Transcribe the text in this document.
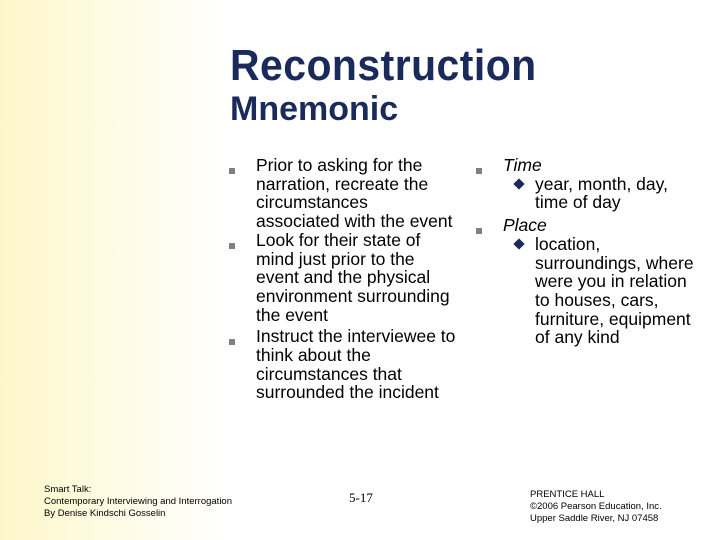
Reconstruction
Mnemonic
Prior to asking for the narration, recreate the circumstances associated with the event
Look for their state of mind just prior to the event and the physical environment surrounding the event
Instruct the interviewee to think about the circumstances that surrounded the incident
Time
year, month, day, time of day
Place
location, surroundings, where were you in relation to houses, cars, furniture, equipment of any kind
Smart Talk:
Contemporary Interviewing and Interrogation
By Denise Kindschi Gosselin
5-17	PRENTICE HALL
©2006 Pearson Education, Inc.
Upper Saddle River, NJ 07458
